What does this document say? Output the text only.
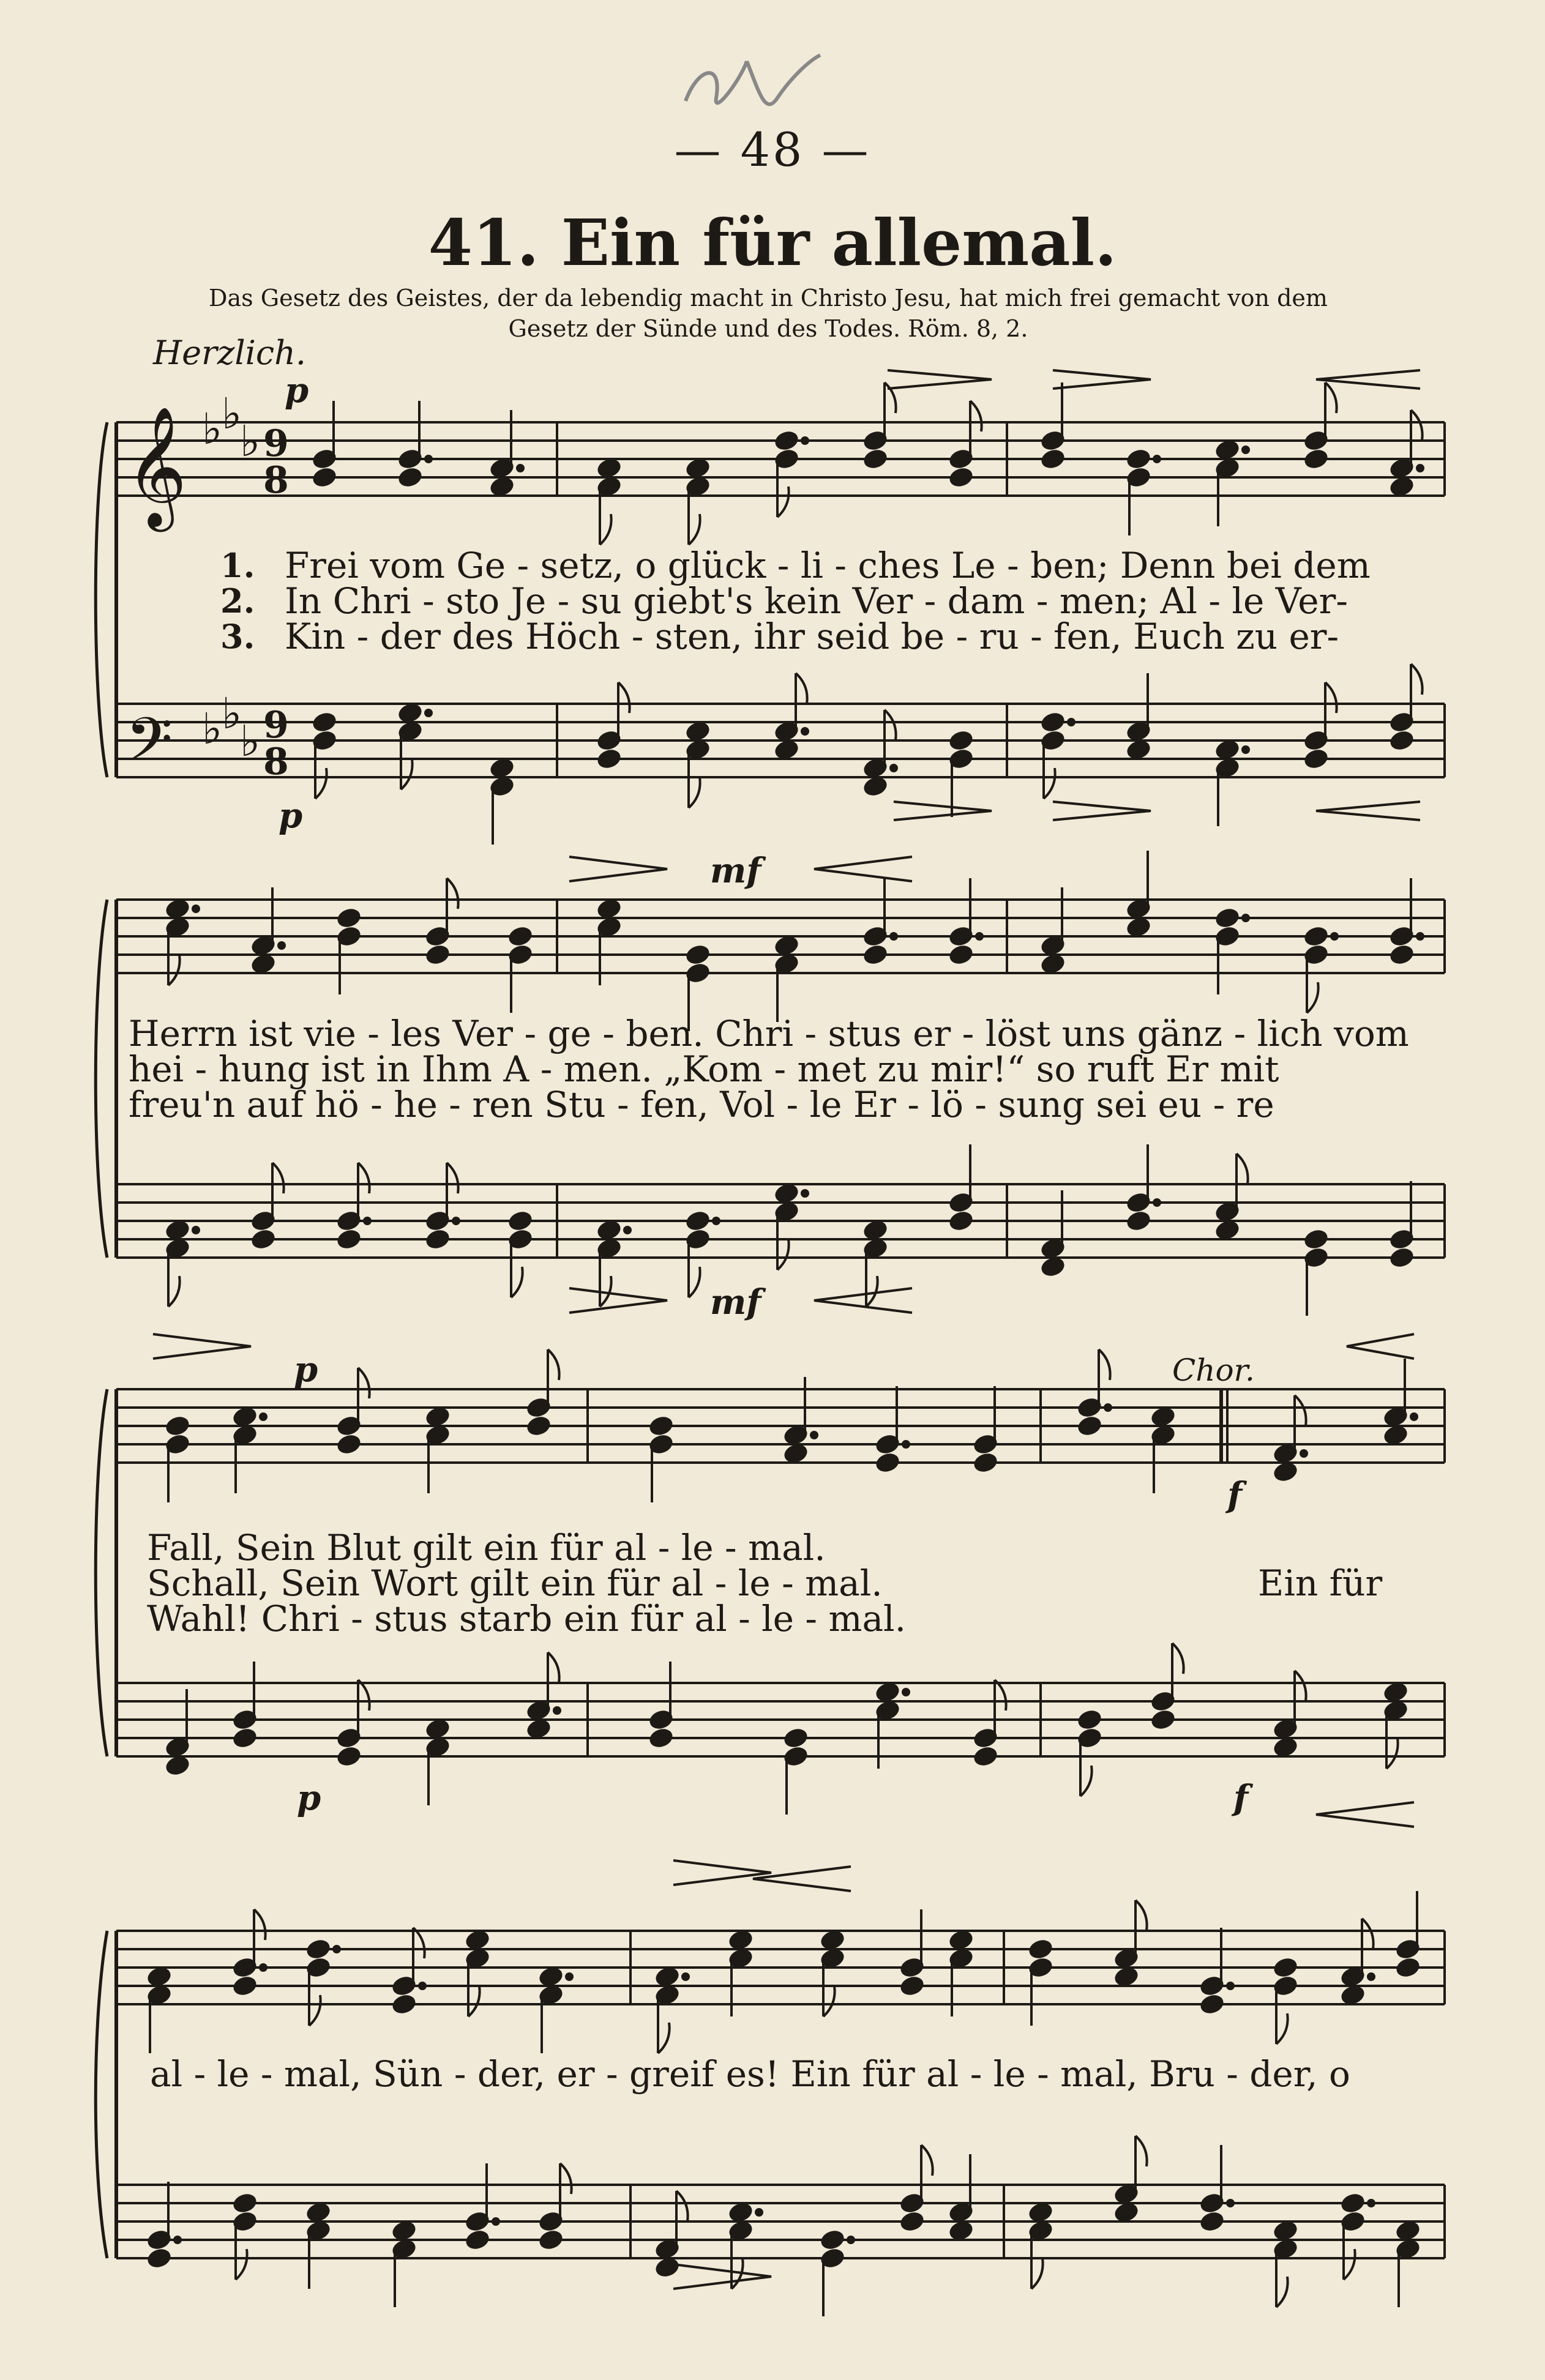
— 48 —
41. Ein für allemal.
Das Gesetz des Geistes, der da lebendig macht in Christo Jesu, hat mich frei gemacht von dem
Gesetz der Sünde und des Todes. Röm. 8, 2.
Herzlich.
𝄞
𝄢
♭
♭
♭
♭
♭
♭
9
8
9
8
p
p
mf
mf
p
p
f
f
Chor.
1.
2.
3.
Frei vom Ge - setz, o glück - li - ches Le - ben; Denn bei dem
In Chri - sto Je - su giebt's kein Ver - dam - men; Al - le Ver-
Kin - der des Höch - sten, ihr seid be - ru - fen, Euch zu er-
Herrn ist vie - les Ver - ge - ben. Chri - stus er - löst uns gänz - lich vom
hei - hung ist in Ihm A - men. „Kom - met zu mir!“ so ruft Er mit
freu'n auf hö - he - ren Stu - fen, Vol - le Er - lö - sung sei eu - re
Fall, Sein Blut gilt ein für al - le - mal.
Schall, Sein Wort gilt ein für al - le - mal.
Wahl! Chri - stus starb ein für al - le - mal.
Ein für
al - le - mal, Sün - der, er - greif es! Ein für al - le - mal, Bru - der, o
